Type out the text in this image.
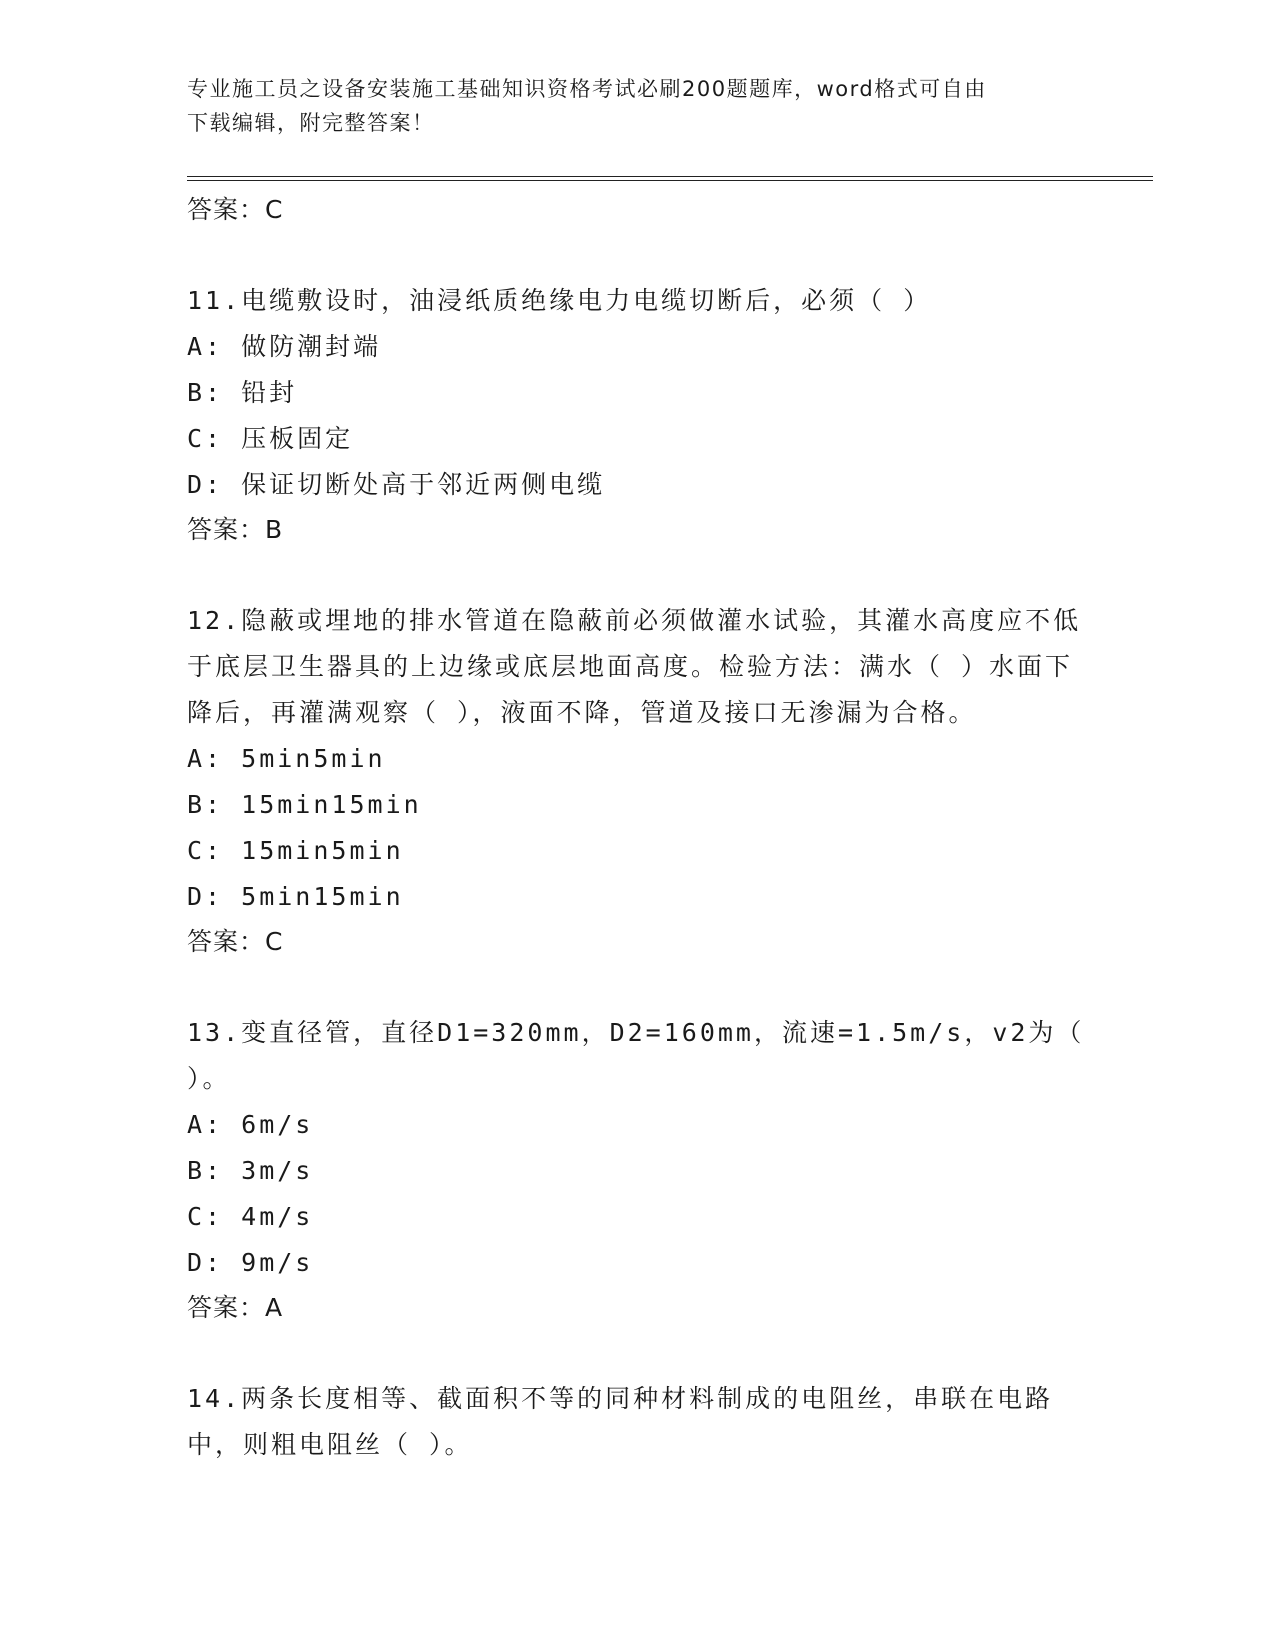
专业施工员之设备安装施工基础知识资格考试必刷200题题库，word格式可自由
下载编辑，附完整答案！
答案：C

11.电缆敷设时，油浸纸质绝缘电力电缆切断后，必须（ ）

A: 做防潮封端
B: 铅封
C: 压板固定
D: 保证切断处高于邻近两侧电缆
答案：B

12.隐蔽或埋地的排水管道在隐蔽前必须做灌水试验，其灌水高度应不低于底层卫生器具的上边缘或底层地面高度。检验方法：满水（ ）水面下降后，再灌满观察（ ），液面不降，管道及接口无渗漏为合格。

A: 5min5min
B: 15min15min
C: 15min5min
D: 5min15min
答案：C

13.变直径管，直径D1=320mm，D2=160mm，流速=1.5m/s，v2为（ ）。

A: 6m/s
B: 3m/s
C: 4m/s
D: 9m/s
答案：A

14.两条长度相等、截面积不等的同种材料制成的电阻丝，串联在电路中，则粗电阻丝（ ）。
